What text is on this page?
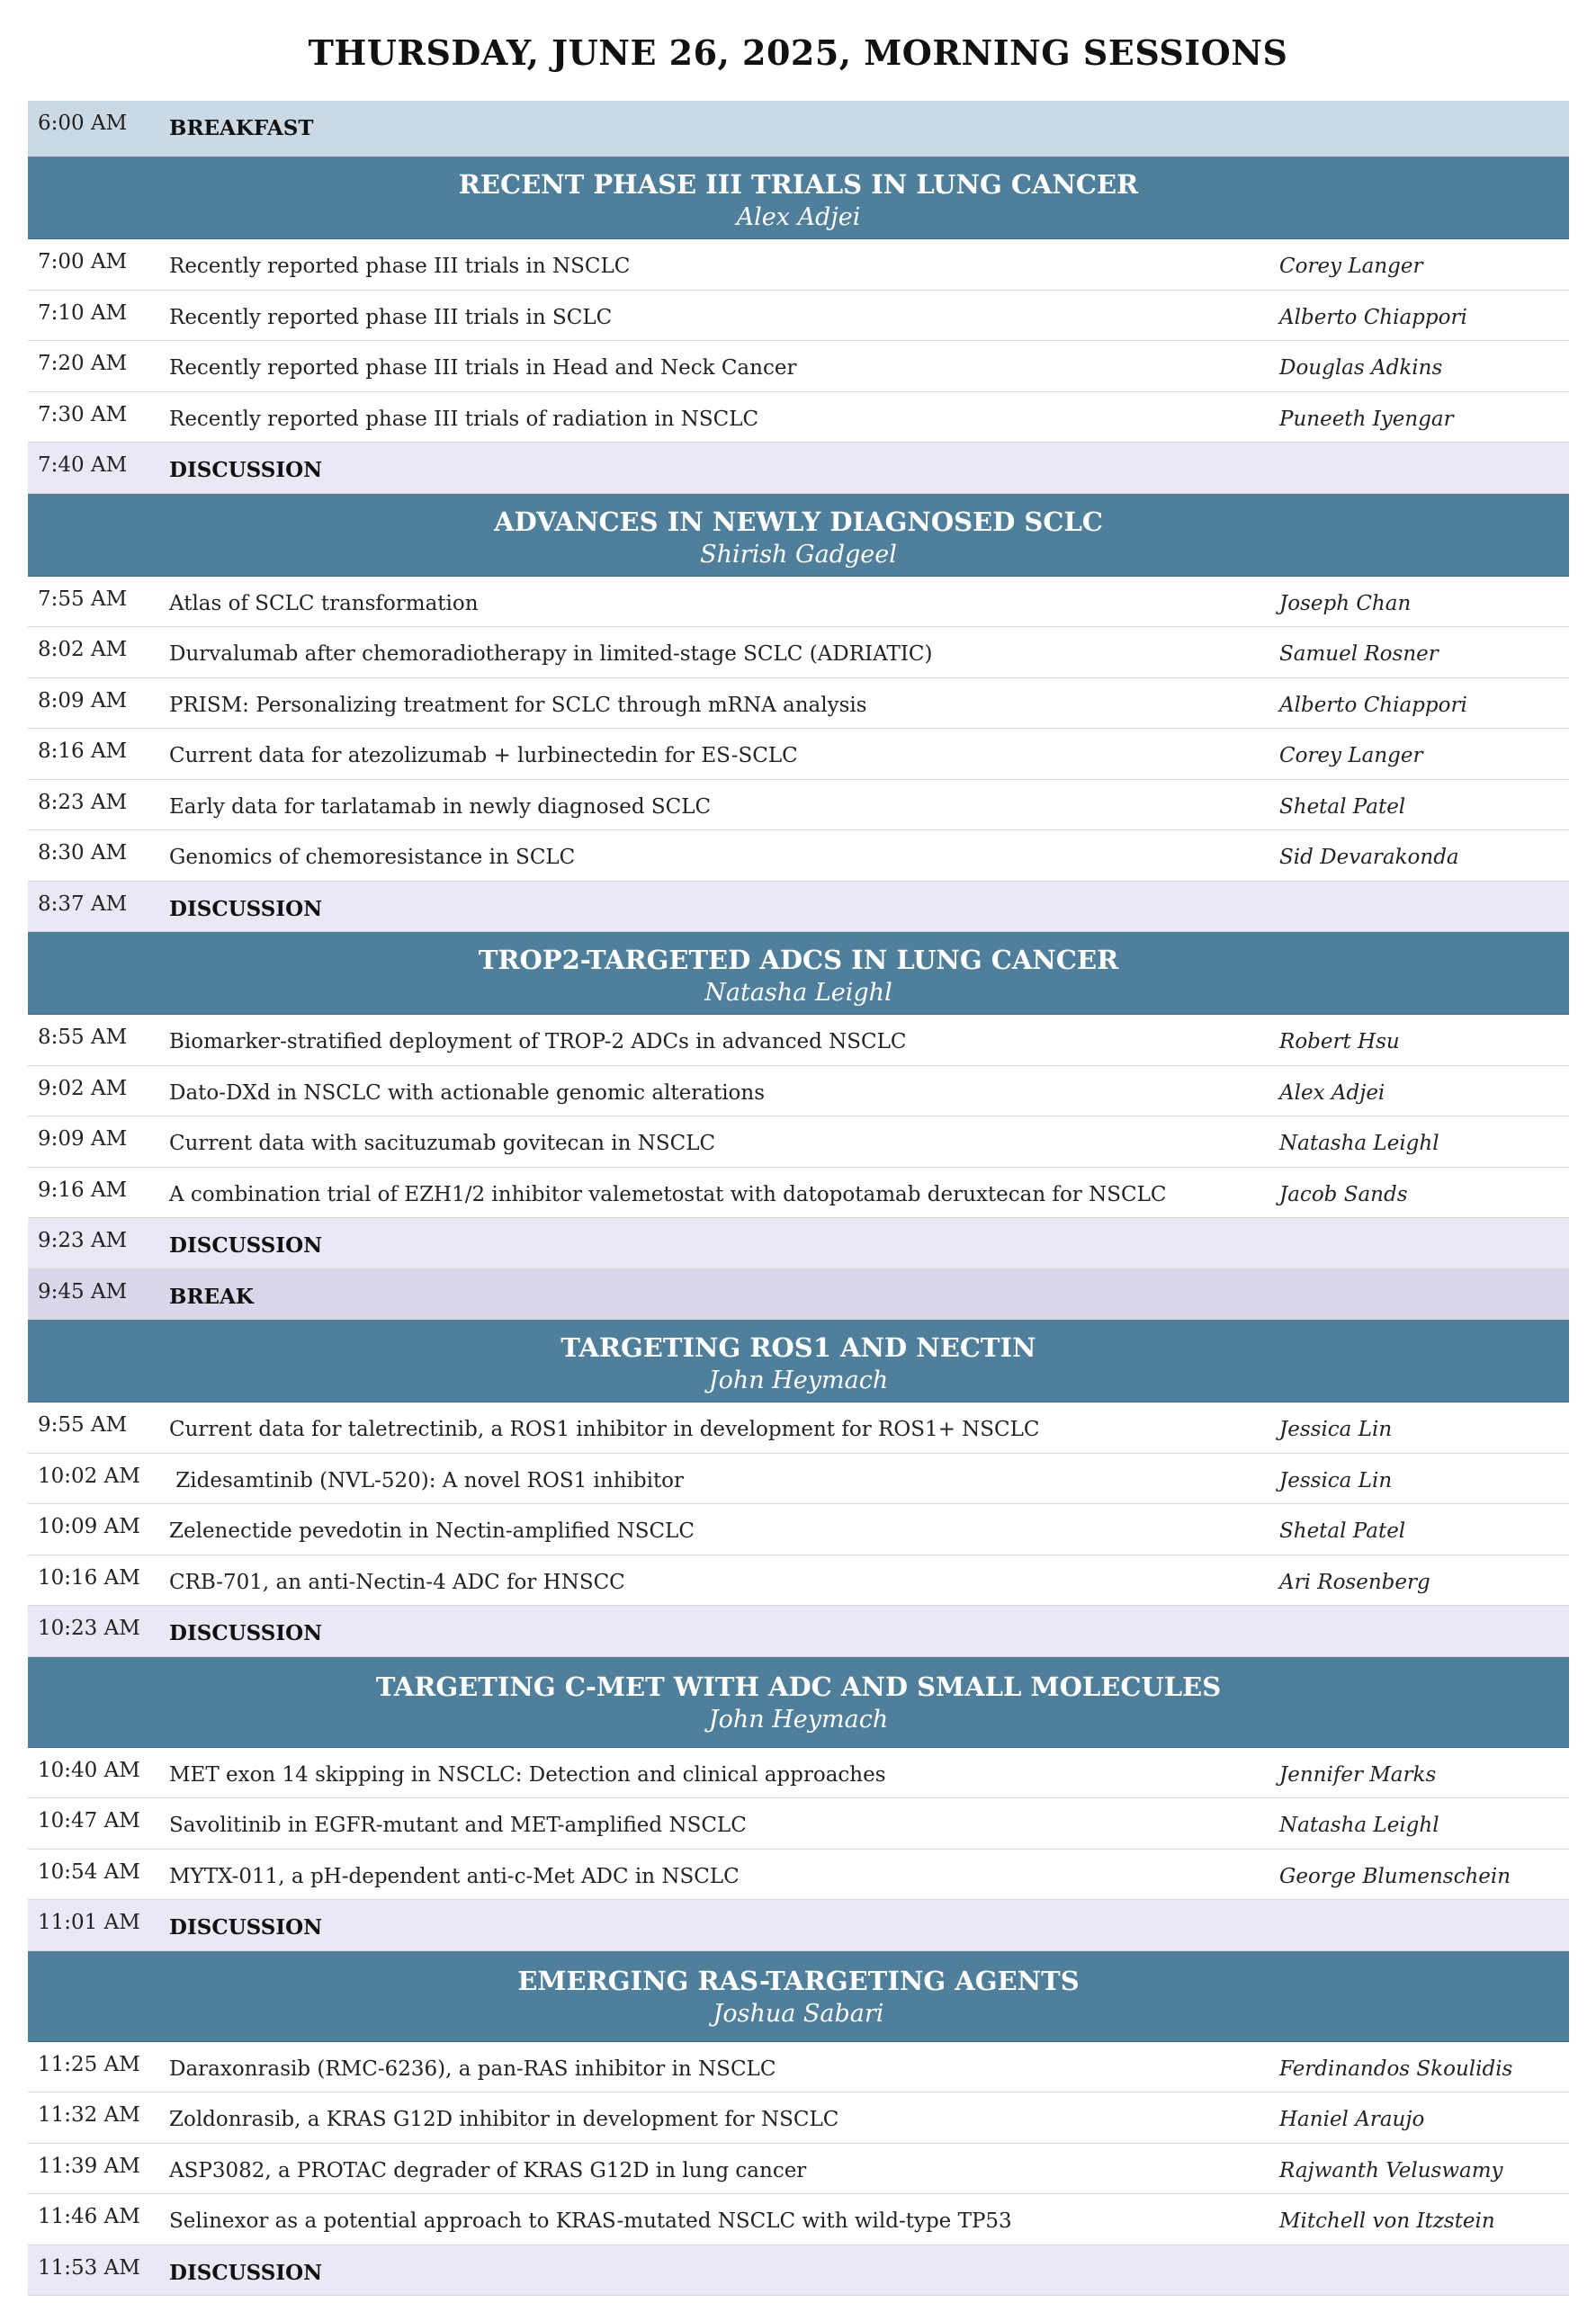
THURSDAY, JUNE 26, 2025, MORNING SESSIONS
6:00 AM BREAKFAST
RECENT PHASE III TRIALS IN LUNG CANCER
Alex Adjei
7:00 AM Recently reported phase III trials in NSCLC	Corey Langer
7:10 AM Recently reported phase III trials in SCLC	Alberto Chiappori
7:20 AM Recently reported phase III trials in Head and Neck Cancer	Douglas Adkins
7:30 AM Recently reported phase III trials of radiation in NSCLC	Puneeth Iyengar
7:40 AM DISCUSSION
ADVANCES IN NEWLY DIAGNOSED SCLC
Shirish Gadgeel
7:55 AM Atlas of SCLC transformation	Joseph Chan
8:02 AM Durvalumab after chemoradiotherapy in limited-stage SCLC (ADRIATIC)	Samuel Rosner
8:09 AM PRISM: Personalizing treatment for SCLC through mRNA analysis	Alberto Chiappori
8:16 AM Current data for atezolizumab + lurbinectedin for ES-SCLC	Corey Langer
8:23 AM Early data for tarlatamab in newly diagnosed SCLC	Shetal Patel
8:30 AM Genomics of chemoresistance in SCLC	Sid Devarakonda
8:37 AM DISCUSSION
TROP2-TARGETED ADCS IN LUNG CANCER
Natasha Leighl
8:55 AM Biomarker-stratified deployment of TROP-2 ADCs in advanced NSCLC	Robert Hsu
9:02 AM Dato-DXd in NSCLC with actionable genomic alterations	Alex Adjei
9:09 AM Current data with sacituzumab govitecan in NSCLC	Natasha Leighl
9:16 AM A combination trial of EZH1/2 inhibitor valemetostat with datopotamab deruxtecan for NSCLC	Jacob Sands
9:23 AM DISCUSSION
9:45 AM BREAK
TARGETING ROS1 AND NECTIN
John Heymach
9:55 AM Current data for taletrectinib, a ROS1 inhibitor in development for ROS1+ NSCLC	Jessica Lin
10:02 AM Zidesamtinib (NVL-520): A novel ROS1 inhibitor	Jessica Lin
10:09 AM Zelenectide pevedotin in Nectin-amplified NSCLC	Shetal Patel
10:16 AM CRB-701, an anti-Nectin-4 ADC for HNSCC	Ari Rosenberg
10:23 AM DISCUSSION
TARGETING C-MET WITH ADC AND SMALL MOLECULES
John Heymach
10:40 AM MET exon 14 skipping in NSCLC: Detection and clinical approaches	Jennifer Marks
10:47 AM Savolitinib in EGFR-mutant and MET-amplified NSCLC	Natasha Leighl
10:54 AM MYTX-011, a pH-dependent anti-c-Met ADC in NSCLC	George Blumenschein
11:01 AM DISCUSSION
EMERGING RAS-TARGETING AGENTS
Joshua Sabari
11:25 AM Daraxonrasib (RMC-6236), a pan-RAS inhibitor in NSCLC	Ferdinandos Skoulidis
11:32 AM Zoldonrasib, a KRAS G12D inhibitor in development for NSCLC	Haniel Araujo
11:39 AM ASP3082, a PROTAC degrader of KRAS G12D in lung cancer	Rajwanth Veluswamy
11:46 AM Selinexor as a potential approach to KRAS-mutated NSCLC with wild-type TP53	Mitchell von Itzstein
11:53 AM DISCUSSION
